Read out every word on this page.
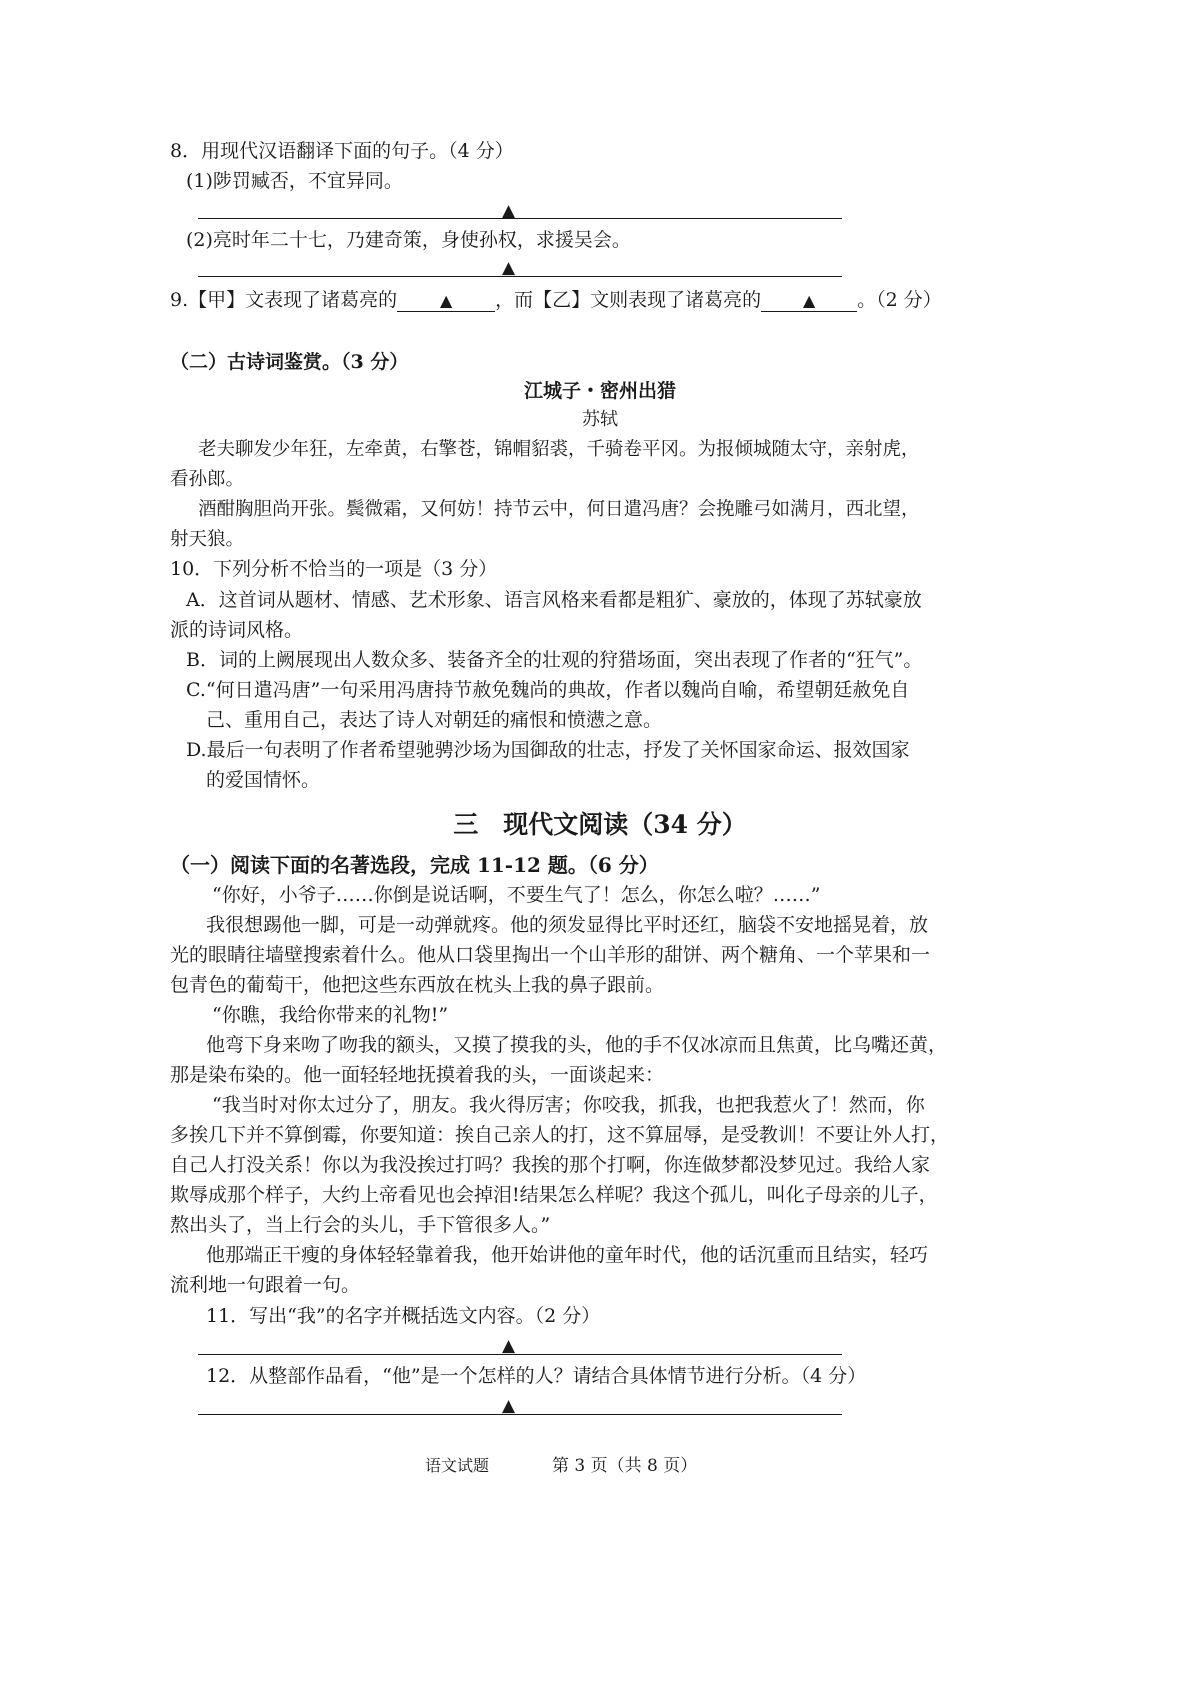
8．用现代汉语翻译下面的句子。（4 分）
(1)陟罚臧否，不宜异同。
▲
(2)亮时年二十七，乃建奇策，身使孙权，求援吴会。
▲
9.【甲】文表现了诸葛亮的	▲ ，而【乙】文则表现了诸葛亮的	▲ 。（2 分）
（二）古诗词鉴赏。（3 分）
江城子・密州出猎
苏轼
老夫聊发少年狂，左牵黄，右擎苍，锦帽貂裘，千骑卷平冈。为报倾城随太守，亲射虎，
看孙郎。
酒酣胸胆尚开张。鬓微霜，又何妨！持节云中，何日遣冯唐？会挽雕弓如满月，西北望，
射天狼。
10．下列分析不恰当的一项是（3 分）
A．这首词从题材、情感、艺术形象、语言风格来看都是粗犷、豪放的，体现了苏轼豪放
派的诗词风格。
B．词的上阙展现出人数众多、装备齐全的壮观的狩猎场面，突出表现了作者的“狂气”。
C.“何日遣冯唐”一句采用冯唐持节赦免魏尚的典故，作者以魏尚自喻，希望朝廷赦免自
己、重用自己，表达了诗人对朝廷的痛恨和愤懑之意。
D.最后一句表明了作者希望驰骋沙场为国御敌的壮志，抒发了关怀国家命运、报效国家
的爱国情怀。
三　现代文阅读（34 分）
（一）阅读下面的名著选段，完成 11-12 题。（6 分）
“你好，小爷子……你倒是说话啊，不要生气了！怎么，你怎么啦？……”
我很想踢他一脚，可是一动弹就疼。他的须发显得比平时还红，脑袋不安地摇晃着，放
光的眼睛往墙壁搜索着什么。他从口袋里掏出一个山羊形的甜饼、两个糖角、一个苹果和一
包青色的葡萄干，他把这些东西放在枕头上我的鼻子跟前。
“你瞧，我给你带来的礼物!”
他弯下身来吻了吻我的额头，又摸了摸我的头，他的手不仅冰凉而且焦黄，比乌嘴还黄，
那是染布染的。他一面轻轻地抚摸着我的头，一面谈起来：
“我当时对你太过分了，朋友。我火得厉害；你咬我，抓我，也把我惹火了！然而，你
多挨几下并不算倒霉，你要知道：挨自己亲人的打，这不算屈辱，是受教训！不要让外人打，
自己人打没关系！你以为我没挨过打吗？我挨的那个打啊，你连做梦都没梦见过。我给人家
欺辱成那个样子，大约上帝看见也会掉泪!结果怎么样呢？我这个孤儿，叫化子母亲的儿子，
熬出头了，当上行会的头儿，手下管很多人。”
他那端正干瘦的身体轻轻靠着我，他开始讲他的童年时代，他的话沉重而且结实，轻巧
流利地一句跟着一句。
11．写出“我”的名字并概括选文内容。（2 分）
▲
12．从整部作品看，“他”是一个怎样的人？请结合具体情节进行分析。（4 分）
▲
语文试题	第 3 页（共 8 页）
